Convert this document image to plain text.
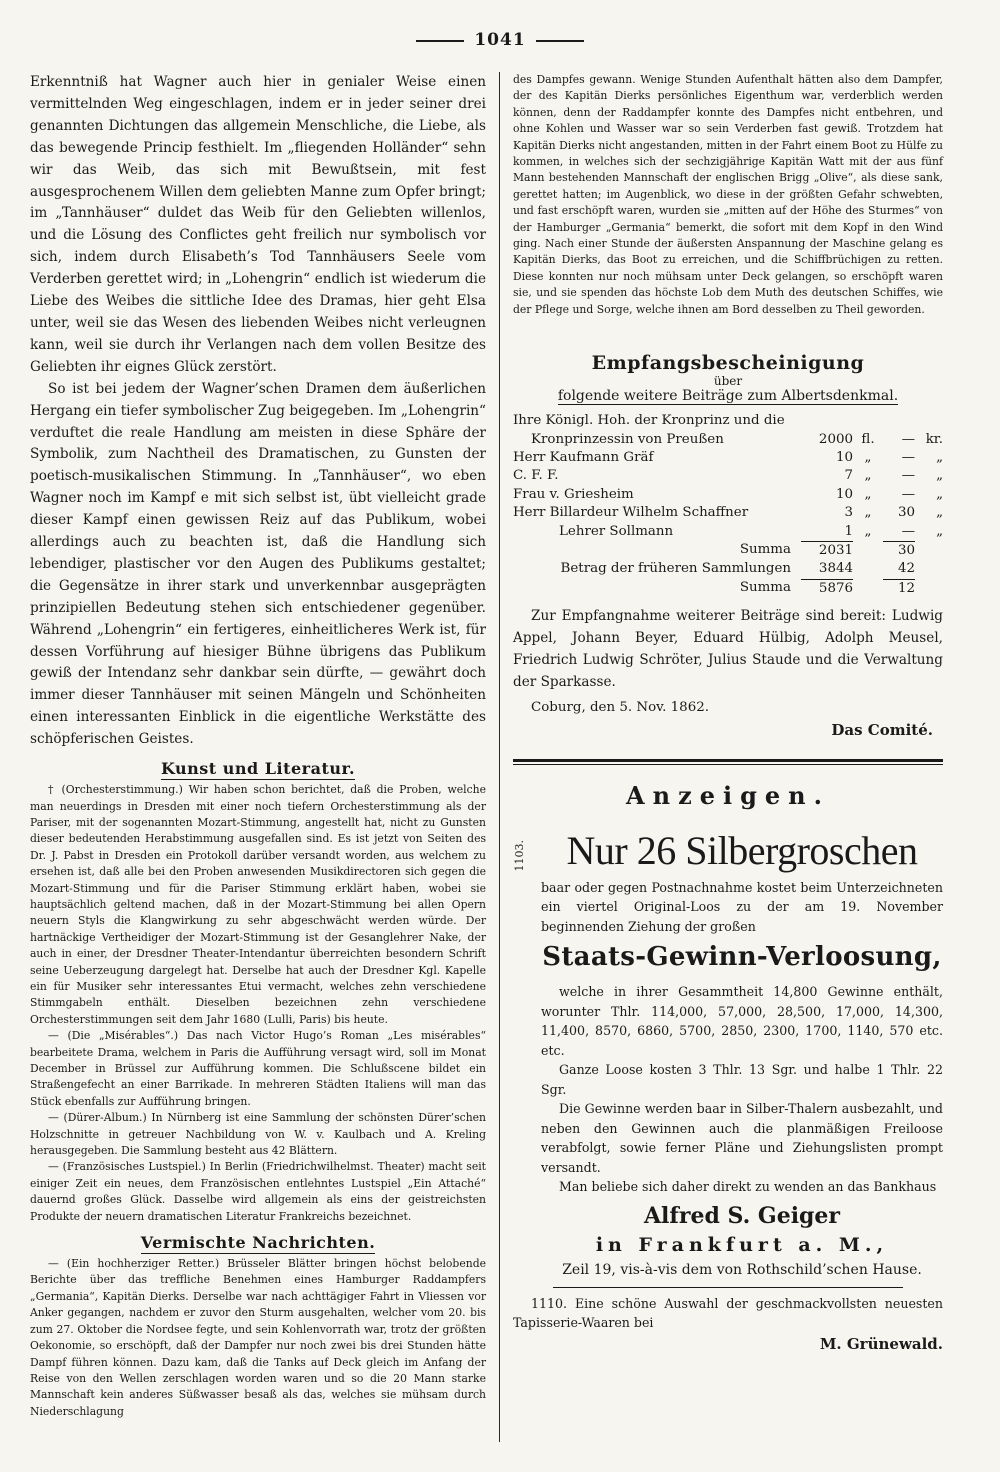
1041

Erkenntniß hat Wagner auch hier in genialer Weise einen vermittelnden Weg eingeschlagen, indem er in jeder seiner drei genannten Dichtungen das allgemein Menschliche, die Liebe, als das bewegende Princip festhielt. Im „fliegenden Holländer“ sehn wir das Weib, das sich mit Bewußtsein, mit fest ausgesprochenem Willen dem geliebten Manne zum Opfer bringt; im „Tannhäuser“ duldet das Weib für den Geliebten willenlos, und die Lösung des Conflictes geht freilich nur symbolisch vor sich, indem durch Elisabeth’s Tod Tannhäusers Seele vom Verderben gerettet wird; in „Lohengrin“ endlich ist wiederum die Liebe des Weibes die sittliche Idee des Dramas, hier geht Elsa unter, weil sie das Wesen des liebenden Weibes nicht verleugnen kann, weil sie durch ihr Verlangen nach dem vollen Besitze des Geliebten ihr eignes Glück zerstört.

So ist bei jedem der Wagner’schen Dramen dem äußerlichen Hergang ein tiefer symbolischer Zug beigegeben. Im „Lohengrin“ verduftet die reale Handlung am meisten in diese Sphäre der Symbolik, zum Nachtheil des Dramatischen, zu Gunsten der poetisch-musikalischen Stimmung. In „Tannhäuser“, wo eben Wagner noch im Kampf e mit sich selbst ist, übt vielleicht grade dieser Kampf einen gewissen Reiz auf das Publikum, wobei allerdings auch zu beachten ist, daß die Handlung sich lebendiger, plastischer vor den Augen des Publikums gestaltet; die Gegensätze in ihrer stark und unverkennbar ausgeprägten prinzipiellen Bedeutung stehen sich entschiedener gegenüber. Während „Lohengrin“ ein fertigeres, einheitlicheres Werk ist, für dessen Vorführung auf hiesiger Bühne übrigens das Publikum gewiß der Intendanz sehr dankbar sein dürfte, — gewährt doch immer dieser Tannhäuser mit seinen Mängeln und Schönheiten einen interessanten Einblick in die eigentliche Werkstätte des schöpferischen Geistes.

Kunst und Literatur.

† (Orchesterstimmung.) Wir haben schon berichtet, daß die Proben, welche man neuerdings in Dresden mit einer noch tiefern Orchesterstimmung als der Pariser, mit der sogenannten Mozart-Stimmung, angestellt hat, nicht zu Gunsten dieser bedeutenden Herabstimmung ausgefallen sind. Es ist jetzt von Seiten des Dr. J. Pabst in Dresden ein Protokoll darüber versandt worden, aus welchem zu ersehen ist, daß alle bei den Proben anwesenden Musikdirectoren sich gegen die Mozart-Stimmung und für die Pariser Stimmung erklärt haben, wobei sie hauptsächlich geltend machen, daß in der Mozart-Stimmung bei allen Opern neuern Styls die Klangwirkung zu sehr abgeschwächt werden würde. Der hartnäckige Vertheidiger der Mozart-Stimmung ist der Gesanglehrer Nake, der auch in einer, der Dresdner Theater-Intendantur überreichten besondern Schrift seine Ueberzeugung dargelegt hat. Derselbe hat auch der Dresdner Kgl. Kapelle ein für Musiker sehr interessantes Etui vermacht, welches zehn verschiedene Stimmgabeln enthält. Dieselben bezeichnen zehn verschiedene Orchesterstimmungen seit dem Jahr 1680 (Lulli, Paris) bis heute.

— (Die „Misérables“.) Das nach Victor Hugo’s Roman „Les misérables“ bearbeitete Drama, welchem in Paris die Aufführung versagt wird, soll im Monat December in Brüssel zur Aufführung kommen. Die Schlußscene bildet ein Straßengefecht an einer Barrikade. In mehreren Städten Italiens will man das Stück ebenfalls zur Aufführung bringen.

— (Dürer-Album.) In Nürnberg ist eine Sammlung der schönsten Dürer’schen Holzschnitte in getreuer Nachbildung von W. v. Kaulbach und A. Kreling herausgegeben. Die Sammlung besteht aus 42 Blättern.

— (Französisches Lustspiel.) In Berlin (Friedrichwilhelmst. Theater) macht seit einiger Zeit ein neues, dem Französischen entlehntes Lustspiel „Ein Attaché“ dauernd großes Glück. Dasselbe wird allgemein als eins der geistreichsten Produkte der neuern dramatischen Literatur Frankreichs bezeichnet.

Vermischte Nachrichten.

— (Ein hochherziger Retter.) Brüsseler Blätter bringen höchst belobende Berichte über das treffliche Benehmen eines Hamburger Raddampfers „Germania“, Kapitän Dierks. Derselbe war nach achttägiger Fahrt in Vliessen vor Anker gegangen, nachdem er zuvor den Sturm ausgehalten, welcher vom 20. bis zum 27. Oktober die Nordsee fegte, und sein Kohlenvorrath war, trotz der größten Oekonomie, so erschöpft, daß der Dampfer nur noch zwei bis drei Stunden hätte Dampf führen können. Dazu kam, daß die Tanks auf Deck gleich im Anfang der Reise von den Wellen zerschlagen worden waren und so die 20 Mann starke Mannschaft kein anderes Süßwasser besaß als das, welches sie mühsam durch Niederschlagung

des Dampfes gewann. Wenige Stunden Aufenthalt hätten also dem Dampfer, der des Kapitän Dierks persönliches Eigenthum war, verderblich werden können, denn der Raddampfer konnte des Dampfes nicht entbehren, und ohne Kohlen und Wasser war so sein Verderben fast gewiß. Trotzdem hat Kapitän Dierks nicht angestanden, mitten in der Fahrt einem Boot zu Hülfe zu kommen, in welches sich der sechzigjährige Kapitän Watt mit der aus fünf Mann bestehenden Mannschaft der englischen Brigg „Olive“, als diese sank, gerettet hatten; im Augenblick, wo diese in der größten Gefahr schwebten, und fast erschöpft waren, wurden sie „mitten auf der Höhe des Sturmes“ von der Hamburger „Germania“ bemerkt, die sofort mit dem Kopf in den Wind ging. Nach einer Stunde der äußersten Anspannung der Maschine gelang es Kapitän Dierks, das Boot zu erreichen, und die Schiffbrüchigen zu retten. Diese konnten nur noch mühsam unter Deck gelangen, so erschöpft waren sie, und sie spenden das höchste Lob dem Muth des deutschen Schiffes, wie der Pflege und Sorge, welche ihnen am Bord desselben zu Theil geworden.

Empfangsbescheinigung
über
folgende weitere Beiträge zum Albertsdenkmal.
Ihre Königl. Hoh. der Kronprinz und die
Kronprinzessin von Preußen	2000 fl.	— kr.
Herr Kaufmann Gräf	10 „	—	„
C. F. F.	7 „	—	„
Frau v. Griesheim	10 „	—	„
Herr Billardeur Wilhelm Schaffner	3 „	30	„
Lehrer Sollmann	1 „	—	„
Summa	2031	30
Betrag der früheren Sammlungen	3844	42
Summa	5876	12

Zur Empfangnahme weiterer Beiträge sind bereit: Ludwig Appel, Johann Beyer, Eduard Hülbig, Adolph Meusel, Friedrich Ludwig Schröter, Julius Staude und die Verwaltung der Sparkasse.

Coburg, den 5. Nov. 1862.
Das Comité.
Anzeigen.
1103.	Nur 26 Silbergroschen

baar oder gegen Postnachnahme kostet beim Unterzeichneten ein viertel Original-Loos zu der am 19. November beginnenden Ziehung der großen

Staats-Gewinn-Verloosung,

welche in ihrer Gesammtheit 14,800 Gewinne enthält, worunter Thlr. 114,000, 57,000, 28,500, 17,000, 14,300, 11,400, 8570, 6860, 5700, 2850, 2300, 1700, 1140, 570 etc. etc.

Ganze Loose kosten 3 Thlr. 13 Sgr. und halbe 1 Thlr. 22 Sgr.

Die Gewinne werden baar in Silber-Thalern ausbezahlt, und neben den Gewinnen auch die planmäßigen Freiloose verabfolgt, sowie ferner Pläne und Ziehungslisten prompt versandt.

Man beliebe sich daher direkt zu wenden an das Bankhaus

Alfred S. Geiger
in Frankfurt a. M.,
Zeil 19, vis-à-vis dem von Rothschild’schen Hause.

1110. Eine schöne Auswahl der geschmackvollsten neuesten Tapisserie-Waaren bei

M. Grünewald.
